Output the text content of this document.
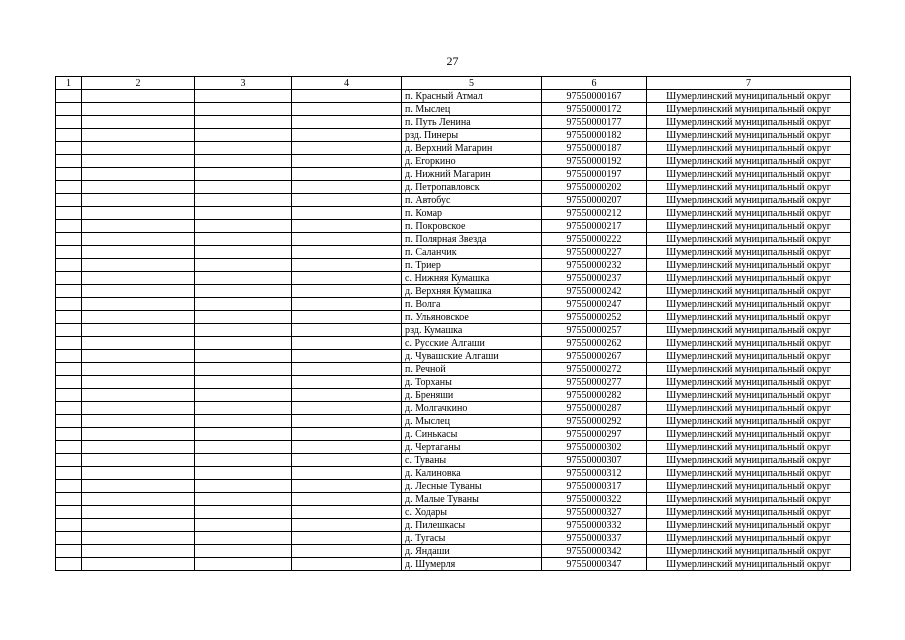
27
1	2	3	4	5	6	7
				п. Красный Атмал	97550000167	Шумерлинский муниципальный округ
				п. Мыслец	97550000172	Шумерлинский муниципальный округ
				п. Путь Ленина	97550000177	Шумерлинский муниципальный округ
				рзд. Пинеры	97550000182	Шумерлинский муниципальный округ
				д. Верхний Магарин	97550000187	Шумерлинский муниципальный округ
				д. Егоркино	97550000192	Шумерлинский муниципальный округ
				д. Нижний Магарин	97550000197	Шумерлинский муниципальный округ
				д. Петропавловск	97550000202	Шумерлинский муниципальный округ
				п. Автобус	97550000207	Шумерлинский муниципальный округ
				п. Комар	97550000212	Шумерлинский муниципальный округ
				п. Покровское	97550000217	Шумерлинский муниципальный округ
				п. Полярная Звезда	97550000222	Шумерлинский муниципальный округ
				п. Саланчик	97550000227	Шумерлинский муниципальный округ
				п. Триер	97550000232	Шумерлинский муниципальный округ
				с. Нижняя Кумашка	97550000237	Шумерлинский муниципальный округ
				д. Верхняя Кумашка	97550000242	Шумерлинский муниципальный округ
				п. Волга	97550000247	Шумерлинский муниципальный округ
				п. Ульяновское	97550000252	Шумерлинский муниципальный округ
				рзд. Кумашка	97550000257	Шумерлинский муниципальный округ
				с. Русские Алгаши	97550000262	Шумерлинский муниципальный округ
				д. Чувашские Алгаши	97550000267	Шумерлинский муниципальный округ
				п. Речной	97550000272	Шумерлинский муниципальный округ
				д. Торханы	97550000277	Шумерлинский муниципальный округ
				д. Бреняши	97550000282	Шумерлинский муниципальный округ
				д. Молгачкино	97550000287	Шумерлинский муниципальный округ
				д. Мыслец	97550000292	Шумерлинский муниципальный округ
				д. Синькасы	97550000297	Шумерлинский муниципальный округ
				д. Чертаганы	97550000302	Шумерлинский муниципальный округ
				с. Туваны	97550000307	Шумерлинский муниципальный округ
				д. Калиновка	97550000312	Шумерлинский муниципальный округ
				д. Лесные Туваны	97550000317	Шумерлинский муниципальный округ
				д. Малые Туваны	97550000322	Шумерлинский муниципальный округ
				с. Ходары	97550000327	Шумерлинский муниципальный округ
				д. Пилешкасы	97550000332	Шумерлинский муниципальный округ
				д. Тугасы	97550000337	Шумерлинский муниципальный округ
				д. Яндаши	97550000342	Шумерлинский муниципальный округ
				д. Шумерля	97550000347	Шумерлинский муниципальный округ
